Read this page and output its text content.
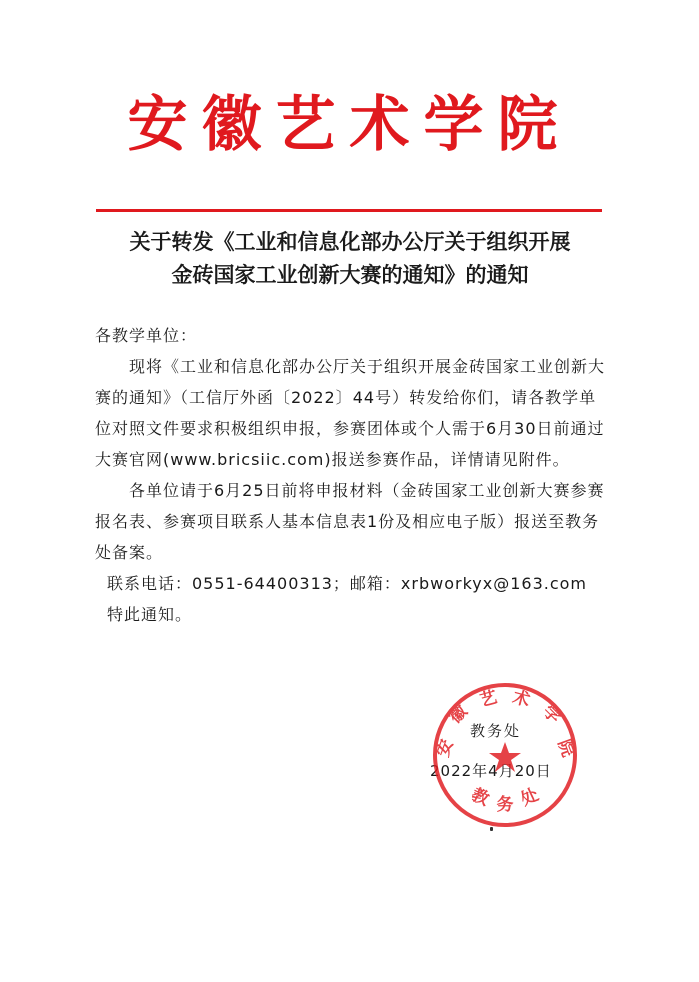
安徽艺术学院
关于转发《工业和信息化部办公厅关于组织开展
金砖国家工业创新大赛的通知》的通知

各教学单位：

现将《工业和信息化部办公厅关于组织开展金砖国家工业创新大赛的通知》（工信厅外函〔2022〕44号）转发给你们，请各教学单位对照文件要求积极组织申报，参赛团体或个人需于6月30日前通过大赛官网(www.bricsiic.com)报送参赛作品，详情请见附件。

各单位请于6月25日前将申报材料（金砖国家工业创新大赛参赛报名表、参赛项目联系人基本信息表1份及相应电子版）报送至教务处备案。

联系电话：0551-64400313；邮箱：xrbworkyx@163.com

特此通知。

教务处
2022年4月20日
安
徽
艺 术
学
院
教 务 处
